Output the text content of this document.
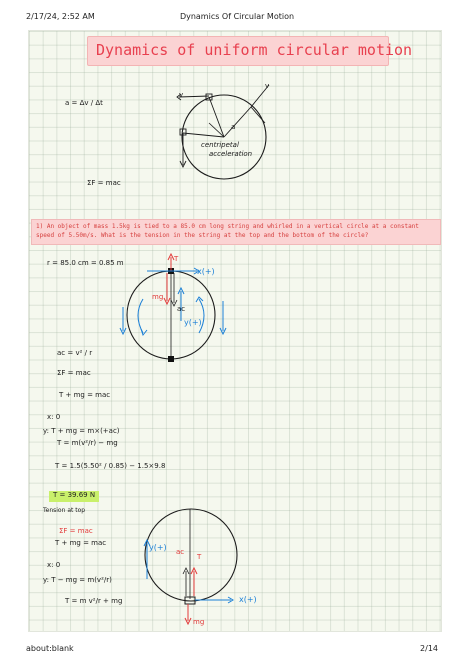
2/17/24, 2:52 AM	Dynamics Of Circular Motion
Dynamics of uniform circular motion
a = Δv / Δt
v
v
a
centripetal
acceleration
ΣF = mac
1) An object of mass 1.5kg is tied to a 85.0 cm long string and whirled in a vertical circle at a constant speed of 5.50m/s. What is the tension in the string at the top and the bottom of the circle?
r = 85.0 cm = 0.85 m	T
x(+)
mg
ac
y(+)
ac = v² / r
ΣF = mac
T + mg = mac
x: 0
y: T + mg = m×(+ac)
T = m(v²/r) − mg
T = 1.5(5.50² / 0.85) − 1.5×9.8
T = 39.69 N
Tension at top
ΣF = mac
T + mg = mac
x: 0
y: T − mg = m(v²/r)
T = m v²/r + mg
y(+) ac
T
x(+)
mg
about:blank	2/14
